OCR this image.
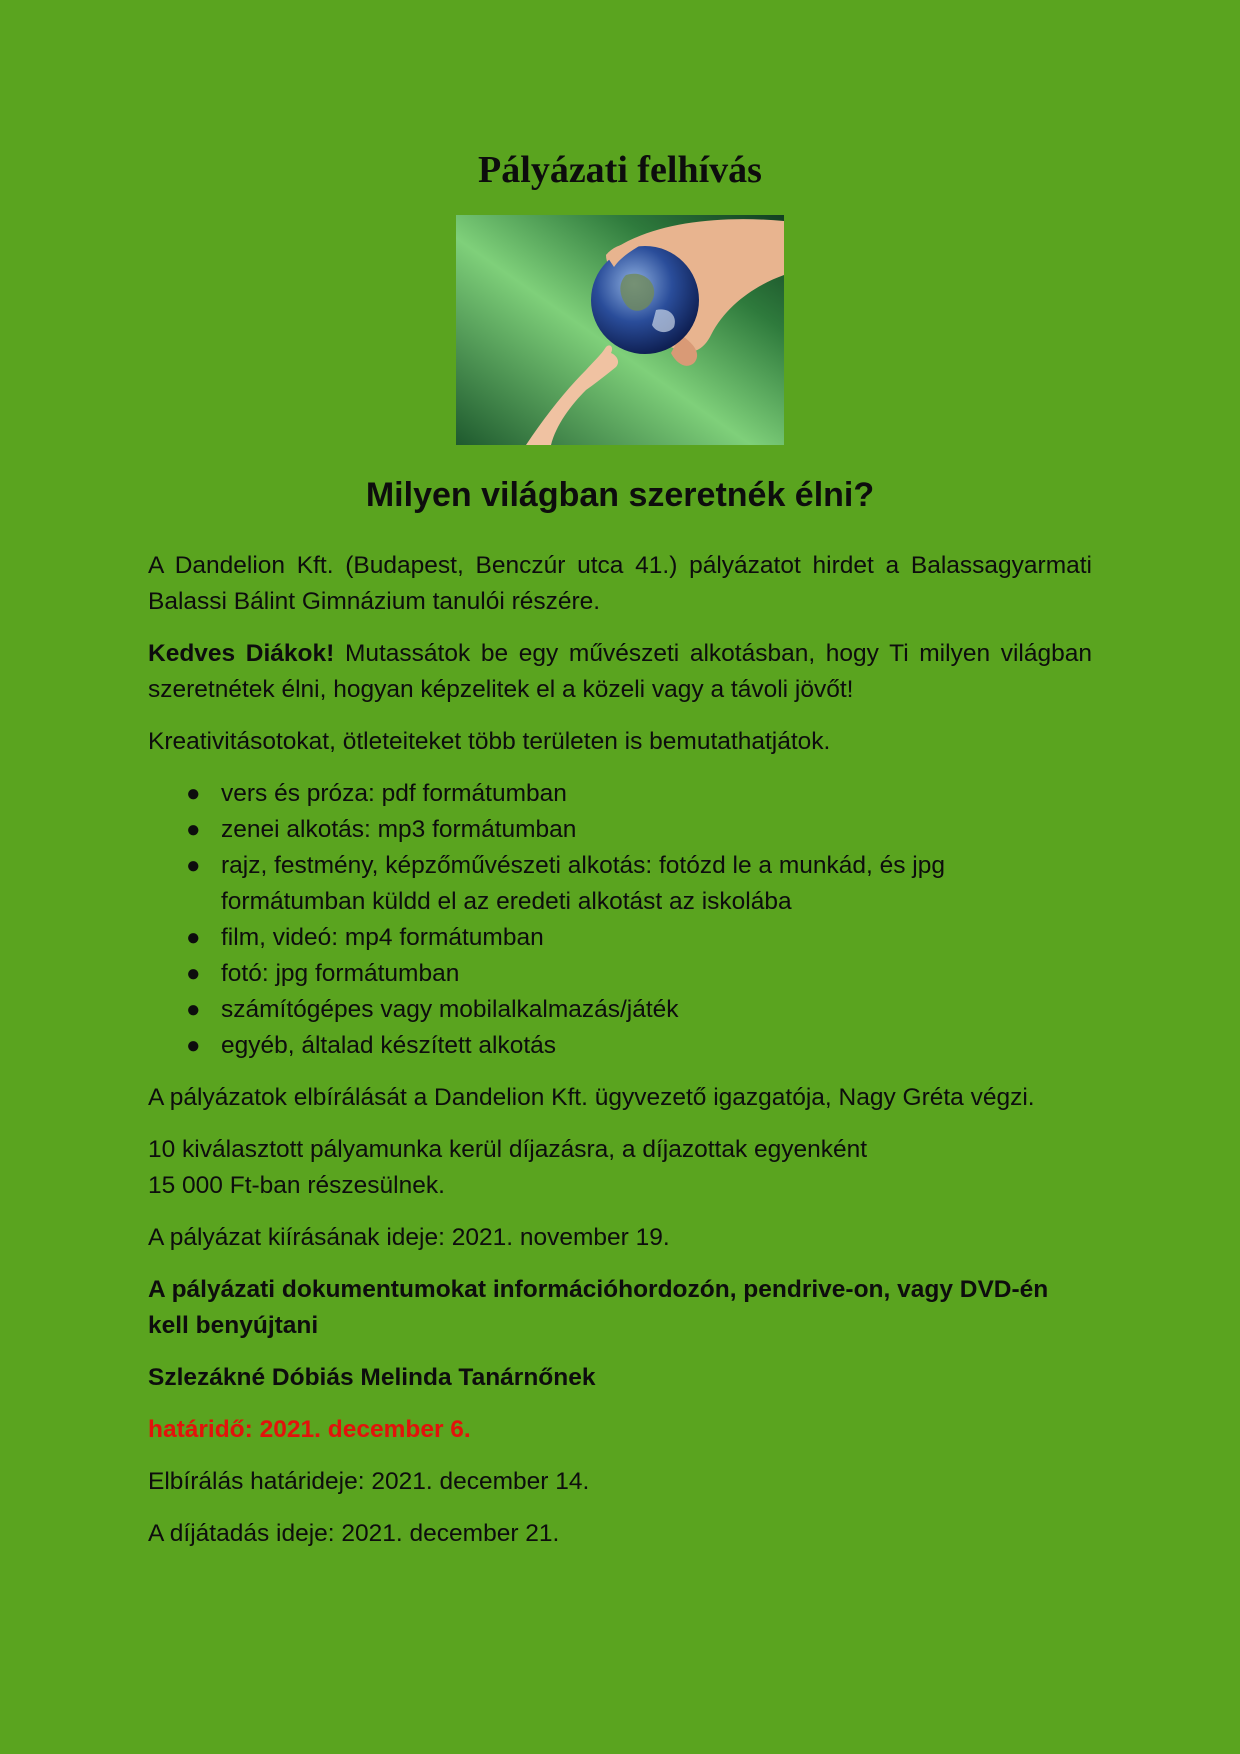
Pályázati felhívás
Milyen világban szeretnék élni?

A Dandelion Kft. (Budapest, Benczúr utca 41.) pályázatot hirdet a Balassagyarmati Balassi Bálint Gimnázium tanulói részére.

Kedves Diákok! Mutassátok be egy művészeti alkotásban, hogy Ti milyen világban szeretnétek élni, hogyan képzelitek el a közeli vagy a távoli jövőt!

Kreativitásotokat, ötleteiteket több területen is bemutathatjátok.

● vers és próza: pdf formátumban
● zenei alkotás: mp3 formátumban
● rajz, festmény, képzőművészeti alkotás: fotózd le a munkád, és jpg formátumban küldd el az eredeti alkotást az iskolába
● film, videó: mp4 formátumban
● fotó: jpg formátumban
● számítógépes vagy mobilalkalmazás/játék
● egyéb, általad készített alkotás

A pályázatok elbírálását a Dandelion Kft. ügyvezető igazgatója, Nagy Gréta végzi.

10 kiválasztott pályamunka kerül díjazásra, a díjazottak egyenként
15 000 Ft-ban részesülnek.

A pályázat kiírásának ideje: 2021. november 19.

A pályázati dokumentumokat információhordozón, pendrive-on, vagy DVD-én kell benyújtani

Szlezákné Dóbiás Melinda Tanárnőnek

határidő: 2021. december 6.

Elbírálás határideje: 2021. december 14.

A díjátadás ideje: 2021. december 21.
